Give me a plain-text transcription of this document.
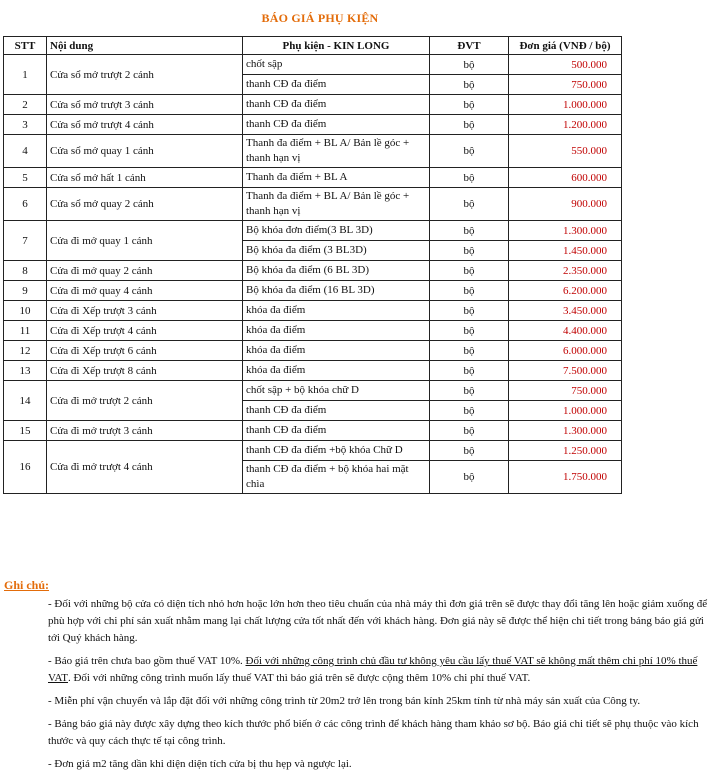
BÁO GIÁ PHỤ KIỆN
STT	Nội dung	Phụ kiện - KIN LONG	ĐVT	Đơn giá (VNĐ / bộ)
1	Cửa sổ mở trượt 2 cánh	chốt sập	bộ	500.000
		thanh CĐ đa điểm	bộ	750.000
2	Cửa sổ mở trượt 3 cánh	thanh CĐ đa điểm	bộ	1.000.000
3	Cửa sổ mở trượt 4 cánh	thanh CĐ đa điểm	bộ	1.200.000
4	Cửa sổ mở quay 1 cánh	Thanh đa điểm + BL A/ Bản lề góc + thanh hạn vị	bộ	550.000
5	Cửa sổ mở hất 1 cánh	Thanh đa điểm + BL A	bộ	600.000
6	Cửa sổ mở quay 2 cánh	Thanh đa điểm + BL A/ Bản lề góc + thanh hạn vị	bộ	900.000
7	Cửa đi mở quay 1 cánh	Bộ khóa đơn điểm(3 BL 3D)	bộ	1.300.000
		Bộ khóa đa điểm (3 BL3D)	bộ	1.450.000
8	Cửa đi mở quay 2 cánh	Bộ khóa đa điểm (6 BL 3D)	bộ	2.350.000
9	Cửa đi mở quay 4 cánh	Bộ khóa đa điểm (16 BL 3D)	bộ	6.200.000
10	Cửa đi Xếp trượt 3 cánh	khóa đa điểm	bộ	3.450.000
11	Cửa đi Xếp trượt 4 cánh	khóa đa điểm	bộ	4.400.000
12	Cửa đi Xếp trượt 6 cánh	khóa đa điểm	bộ	6.000.000
13	Cửa đi Xếp trượt 8 cánh	khóa đa điểm	bộ	7.500.000
14	Cửa đi mở trượt 2 cánh	chốt sập + bộ khóa chữ D	bộ	750.000
		thanh CĐ đa điểm	bộ	1.000.000
15	Cửa đi mở trượt 3 cánh	thanh CĐ đa điểm	bộ	1.300.000
16	Cửa đi mở trượt 4 cánh	thanh CĐ đa điểm +bộ khóa Chữ D	bộ	1.250.000
		thanh CĐ đa điểm + bộ khóa hai mặt chìa	bộ	1.750.000
Ghi chú:

- Đối với những bộ cửa có diện tích nhỏ hơn hoặc lớn hơn theo tiêu chuẩn của nhà máy thì đơn giá trên sẽ được thay đổi tăng lên hoặc giảm xuống để phù hợp với chi phí sản xuất nhằm mang lại chất lượng cửa tốt nhất đến với khách hàng. Đơn giá này sẽ được thể hiện chi tiết trong bảng báo giá gửi tới Quý khách hàng.

- Báo giá trên chưa bao gồm thuế VAT 10%. Đối với những công trình chủ đầu tư không yêu cầu lấy thuế VAT sẽ không mất thêm chi phí 10% thuế VAT. Đối với những công trình muốn lấy thuế VAT thì báo giá trên sẽ được cộng thêm 10% chi phí thuế VAT.

- Miễn phí vận chuyển và lắp đặt đối với những công trình từ 20m2 trở lên trong bán kính 25km tính từ nhà máy sản xuất của Công ty.

- Bảng báo giá này được xây dựng theo kích thước phổ biến ở các công trình để khách hàng tham khảo sơ bộ. Báo giá chi tiết sẽ phụ thuộc vào kích thước và quy cách thực tế tại công trình.

- Đơn giá m2 tăng dần khi diện diện tích cửa bị thu hẹp và ngược lại.
